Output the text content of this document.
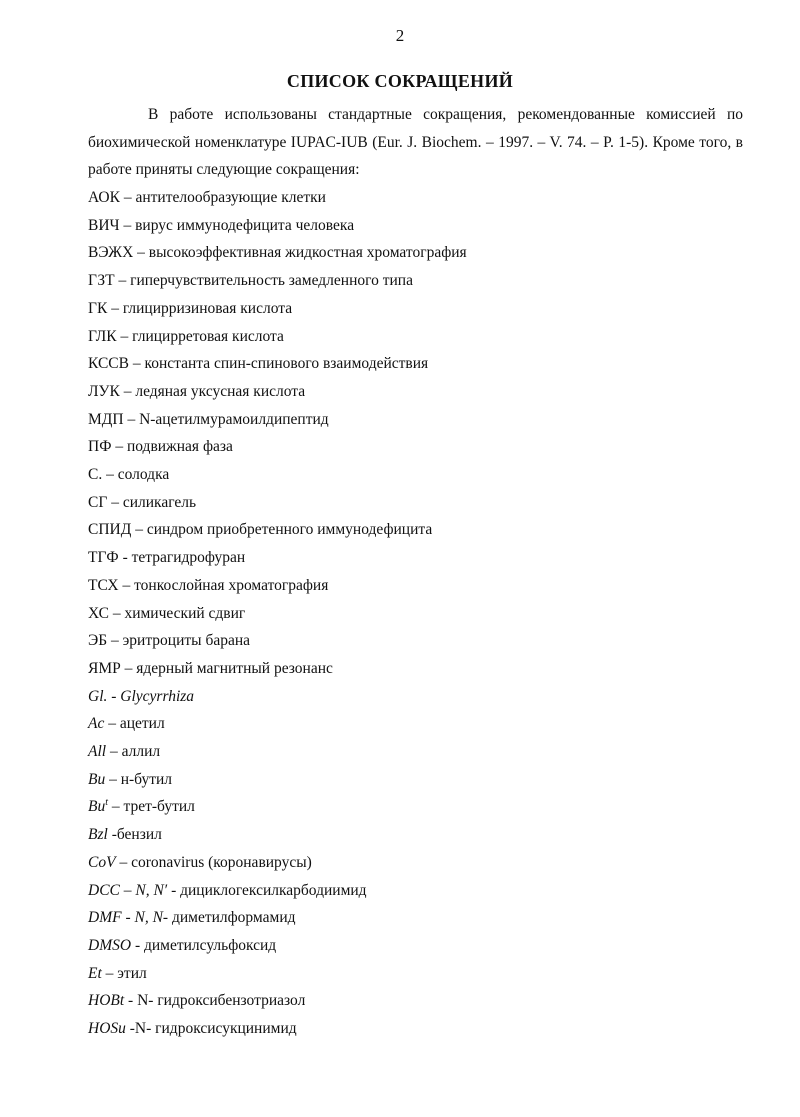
2
СПИСОК СОКРАЩЕНИЙ

В работе использованы стандартные сокращения, рекомендованные комиссией по биохимической номенклатуре IUPAC-IUB (Eur. J. Biochem. – 1997. – V. 74. – P. 1-5). Кроме того, в работе приняты следующие сокращения:

АОК – антителообразующие клетки
ВИЧ – вирус иммунодефицита человека
ВЭЖХ – высокоэффективная жидкостная хроматография
ГЗТ – гиперчувствительность замедленного типа
ГК – глицирризиновая кислота
ГЛК – глицирретовая кислота
КССВ – константа спин-спинового взаимодействия
ЛУК – ледяная уксусная кислота
МДП – N-ацетилмурамоилдипептид
ПФ – подвижная фаза
С. – солодка
СГ – силикагель
СПИД – синдром приобретенного иммунодефицита
ТГФ - тетрагидрофуран
ТСХ – тонкослойная хроматография
ХС – химический сдвиг
ЭБ – эритроциты барана
ЯМР – ядерный магнитный резонанс
Gl. - Glycyrrhiza
Ac – ацетил
All – аллил
Bu – н-бутил
Bu$^t$ – трет-бутил
Bzl -бензил
CoV – coronavirus (коронавирусы)
DCC – N, N′ - дициклогексилкарбодиимид
DMF - N, N- диметилформамид
DMSO - диметилсульфоксид
Et – этил
HOBt - N- гидроксибензотриазол
HOSu -N- гидроксисукцинимид
